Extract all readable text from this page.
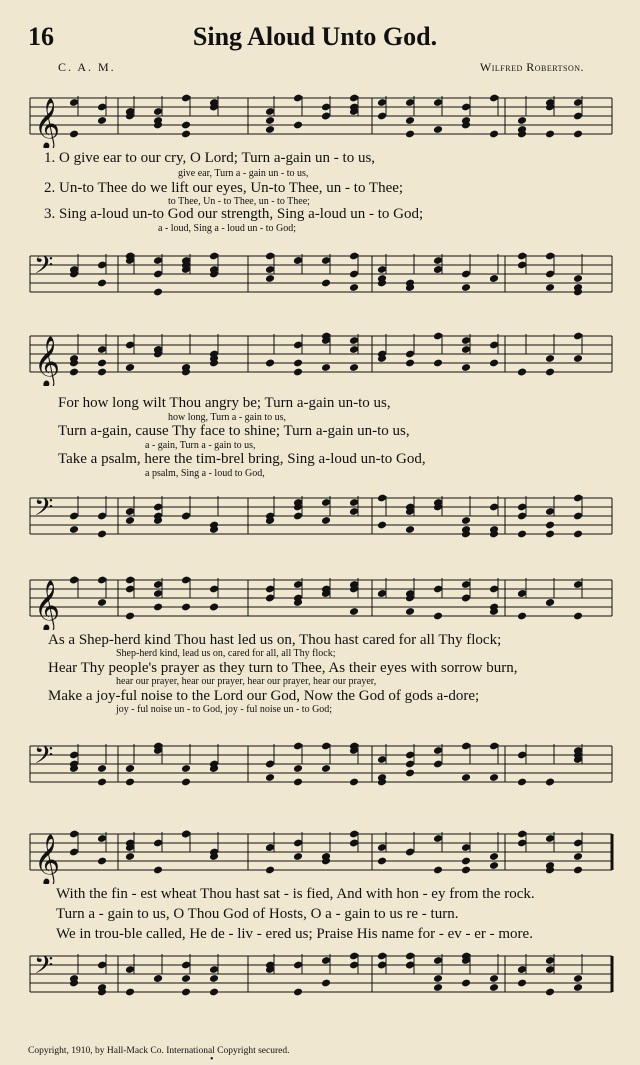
16	Sing Aloud Unto God.
C. A. M.	Wilfred Robertson.
𝄞
𝄢
1. O give ear to our cry, O Lord; Turn a-gain un - to us,
give ear, Turn a - gain un - to us,
2. Un-to Thee do we lift our eyes, Un-to Thee, un - to Thee;
to Thee, Un - to Thee, un - to Thee;
3. Sing a-loud un-to God our strength, Sing a-loud un - to God;
a - loud, Sing a - loud un - to God;
𝄞
𝄢
For how long wilt Thou angry be; Turn a-gain un-to us,
how long, Turn a - gain to us,
Turn a-gain, cause Thy face to shine; Turn a-gain un-to us,
a - gain, Turn a - gain to us,
Take a psalm, here the tim-brel bring, Sing a-loud un-to God,
a psalm, Sing a - loud to God,
𝄞
𝄢
As a Shep-herd kind Thou hast led us on, Thou hast cared for all Thy flock;
Shep-herd kind, lead us on, cared for all, all Thy flock;
Hear Thy people's prayer as they turn to Thee, As their eyes with sorrow burn,
hear our prayer, hear our prayer, hear our prayer, hear our prayer,
Make a joy-ful noise to the Lord our God, Now the God of gods a-dore;
joy - ful noise un - to God, joy - ful noise un - to God;
𝄞
𝄢
With the fin - est wheat Thou hast sat - is fied, And with hon - ey from the rock.
Turn a - gain to us, O Thou God of Hosts, O a - gain to us re - turn.
We in trou-ble called, He de - liv - ered us; Praise His name for - ev - er - more.
Copyright, 1910, by Hall-Mack Co. International Copyright secured.
•
